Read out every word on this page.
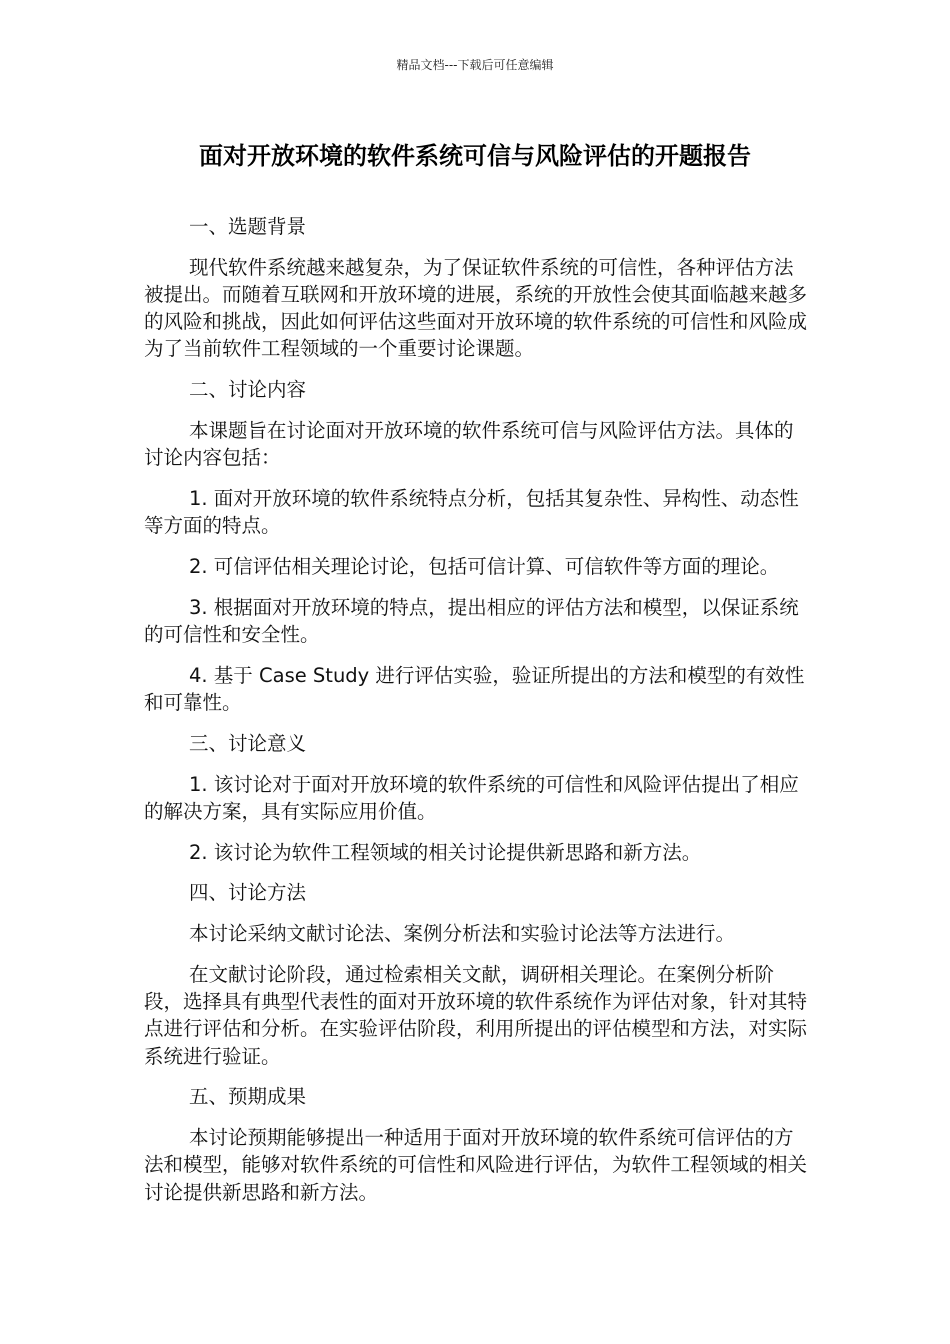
精品文档---下载后可任意编辑
面对开放环境的软件系统可信与风险评估的开题报告

一、选题背景

现代软件系统越来越复杂，为了保证软件系统的可信性，各种评估方法被提出。而随着互联网和开放环境的进展，系统的开放性会使其面临越来越多的风险和挑战，因此如何评估这些面对开放环境的软件系统的可信性和风险成为了当前软件工程领域的一个重要讨论课题。

二、讨论内容

本课题旨在讨论面对开放环境的软件系统可信与风险评估方法。具体的讨论内容包括：

1. 面对开放环境的软件系统特点分析，包括其复杂性、异构性、动态性等方面的特点。

2. 可信评估相关理论讨论，包括可信计算、可信软件等方面的理论。

3. 根据面对开放环境的特点，提出相应的评估方法和模型，以保证系统的可信性和安全性。

4. 基于 Case Study 进行评估实验，验证所提出的方法和模型的有效性和可靠性。

三、讨论意义

1. 该讨论对于面对开放环境的软件系统的可信性和风险评估提出了相应的解决方案，具有实际应用价值。

2. 该讨论为软件工程领域的相关讨论提供新思路和新方法。

四、讨论方法

本讨论采纳文献讨论法、案例分析法和实验讨论法等方法进行。

在文献讨论阶段，通过检索相关文献，调研相关理论。在案例分析阶段，选择具有典型代表性的面对开放环境的软件系统作为评估对象，针对其特点进行评估和分析。在实验评估阶段，利用所提出的评估模型和方法，对实际系统进行验证。

五、预期成果

本讨论预期能够提出一种适用于面对开放环境的软件系统可信评估的方法和模型，能够对软件系统的可信性和风险进行评估，为软件工程领域的相关讨论提供新思路和新方法。
